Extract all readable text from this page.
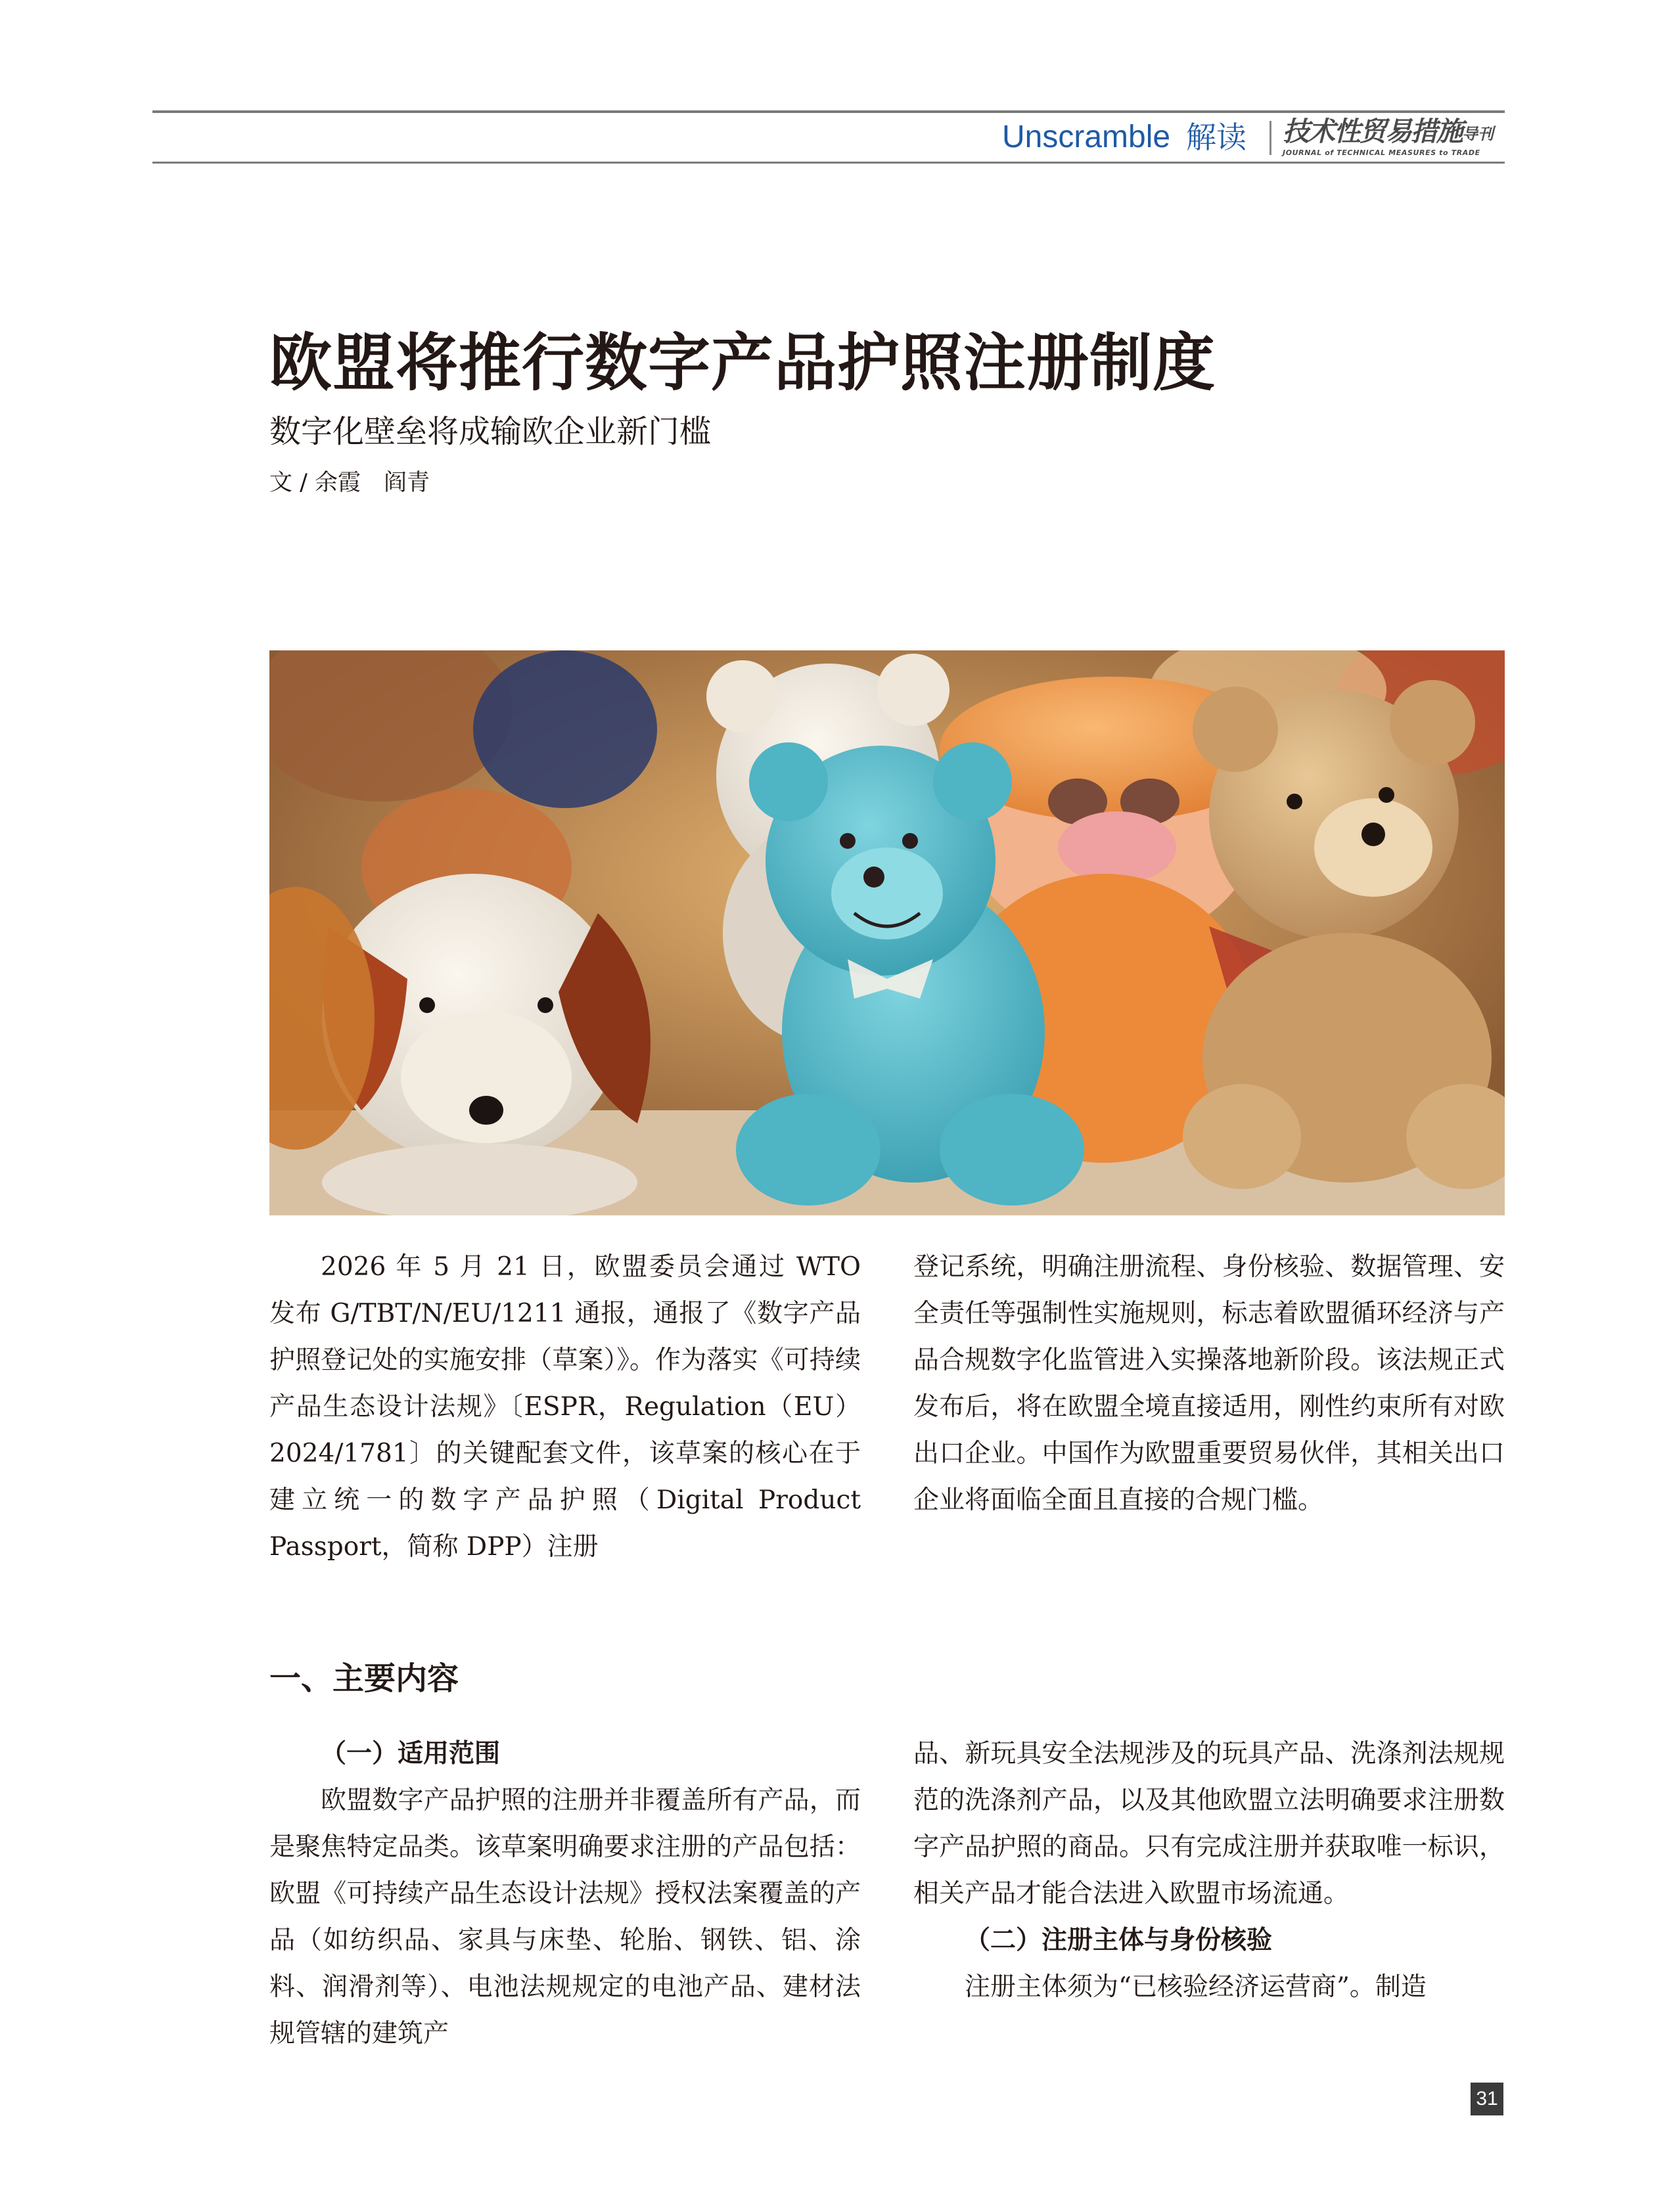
Unscramble 解读	技术性贸易措施导刊
JOURNAL of TECHNICAL MEASURES to TRADE
欧盟将推行数字产品护照注册制度
数字化壁垒将成输欧企业新门槛
文 / 余霞　阎青

2026 年 5 月 21 日，欧盟委员会通过 WTO 发布 G/TBT/N/EU/1211 通报，通报了《数字产品护照登记处的实施安排（草案）》。作为落实《可持续产品生态设计法规》〔ESPR，Regulation（EU）2024/1781〕的关键配套文件，该草案的核心在于建立统一的数字产品护照（Digital Product Passport，简称 DPP）注册

登记系统，明确注册流程、身份核验、数据管理、安全责任等强制性实施规则，标志着欧盟循环经济与产品合规数字化监管进入实操落地新阶段。该法规正式发布后，将在欧盟全境直接适用，刚性约束所有对欧出口企业。中国作为欧盟重要贸易伙伴，其相关出口企业将面临全面且直接的合规门槛。

一、主要内容
（一）适用范围

欧盟数字产品护照的注册并非覆盖所有产品，而是聚焦特定品类。该草案明确要求注册的产品包括：欧盟《可持续产品生态设计法规》授权法案覆盖的产品（如纺织品、家具与床垫、轮胎、钢铁、铝、涂料、润滑剂等）、电池法规规定的电池产品、建材法规管辖的建筑产

品、新玩具安全法规涉及的玩具产品、洗涤剂法规规范的洗涤剂产品，以及其他欧盟立法明确要求注册数字产品护照的商品。只有完成注册并获取唯一标识，相关产品才能合法进入欧盟市场流通。

（二）注册主体与身份核验

注册主体须为“已核验经济运营商”。制造

31
